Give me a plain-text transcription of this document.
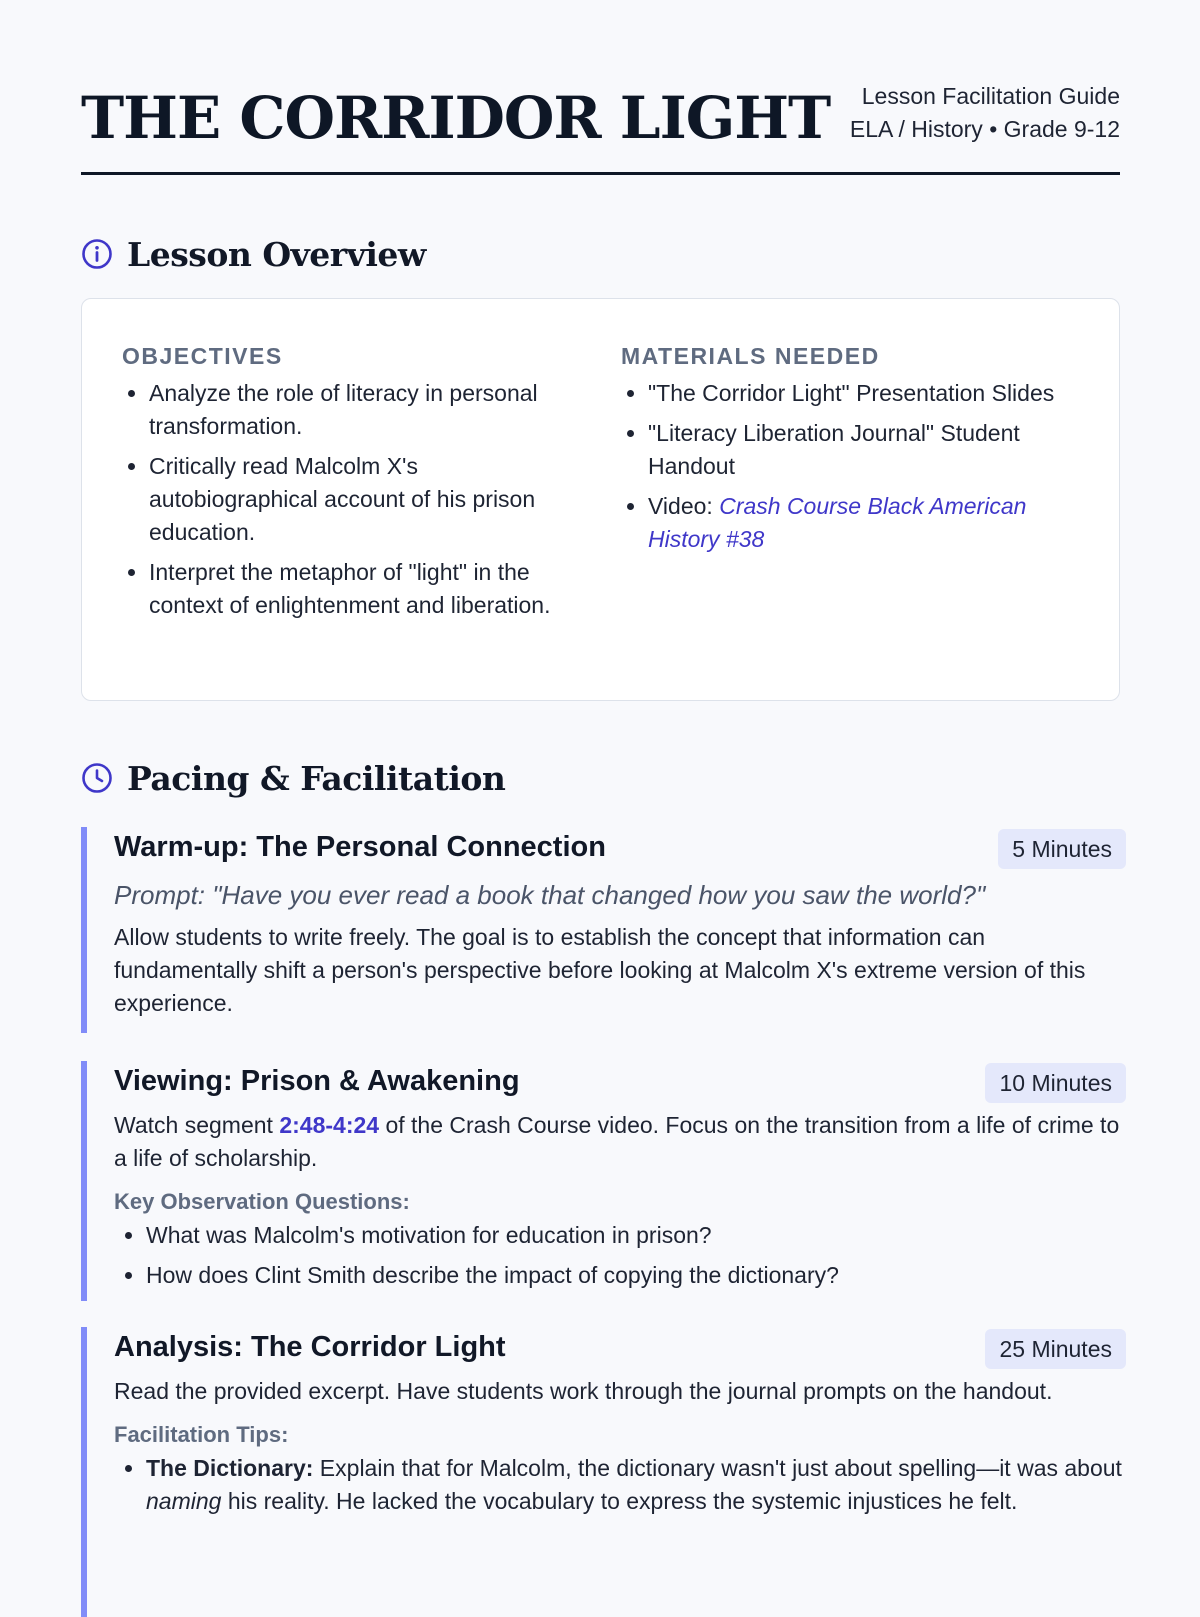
THE CORRIDOR LIGHT	Lesson Facilitation Guide
ELA / History • Grade 9-12
Lesson Overview
OBJECTIVES
• Analyze the role of literacy in personal transformation.
• Critically read Malcolm X's autobiographical account of his prison education.
• Interpret the metaphor of "light" in the context of enlightenment and liberation.
MATERIALS NEEDED
• "The Corridor Light" Presentation Slides
• "Literacy Liberation Journal" Student Handout
• Video: Crash Course Black American History #38
Pacing & Facilitation
Warm-up: The Personal Connection	5 Minutes
Prompt: "Have you ever read a book that changed how you saw the world?"

Allow students to write freely. The goal is to establish the concept that information can fundamentally shift a person's perspective before looking at Malcolm X's extreme version of this experience.

Viewing: Prison & Awakening	10 Minutes

Watch segment 2:48-4:24 of the Crash Course video. Focus on the transition from a life of crime to a life of scholarship.

Key Observation Questions:
• What was Malcolm's motivation for education in prison?
• How does Clint Smith describe the impact of copying the dictionary?
Analysis: The Corridor Light	25 Minutes

Read the provided excerpt. Have students work through the journal prompts on the handout.

Facilitation Tips:
• The Dictionary: Explain that for Malcolm, the dictionary wasn't just about spelling—it was about naming his reality. He lacked the vocabulary to express the systemic injustices he felt.
